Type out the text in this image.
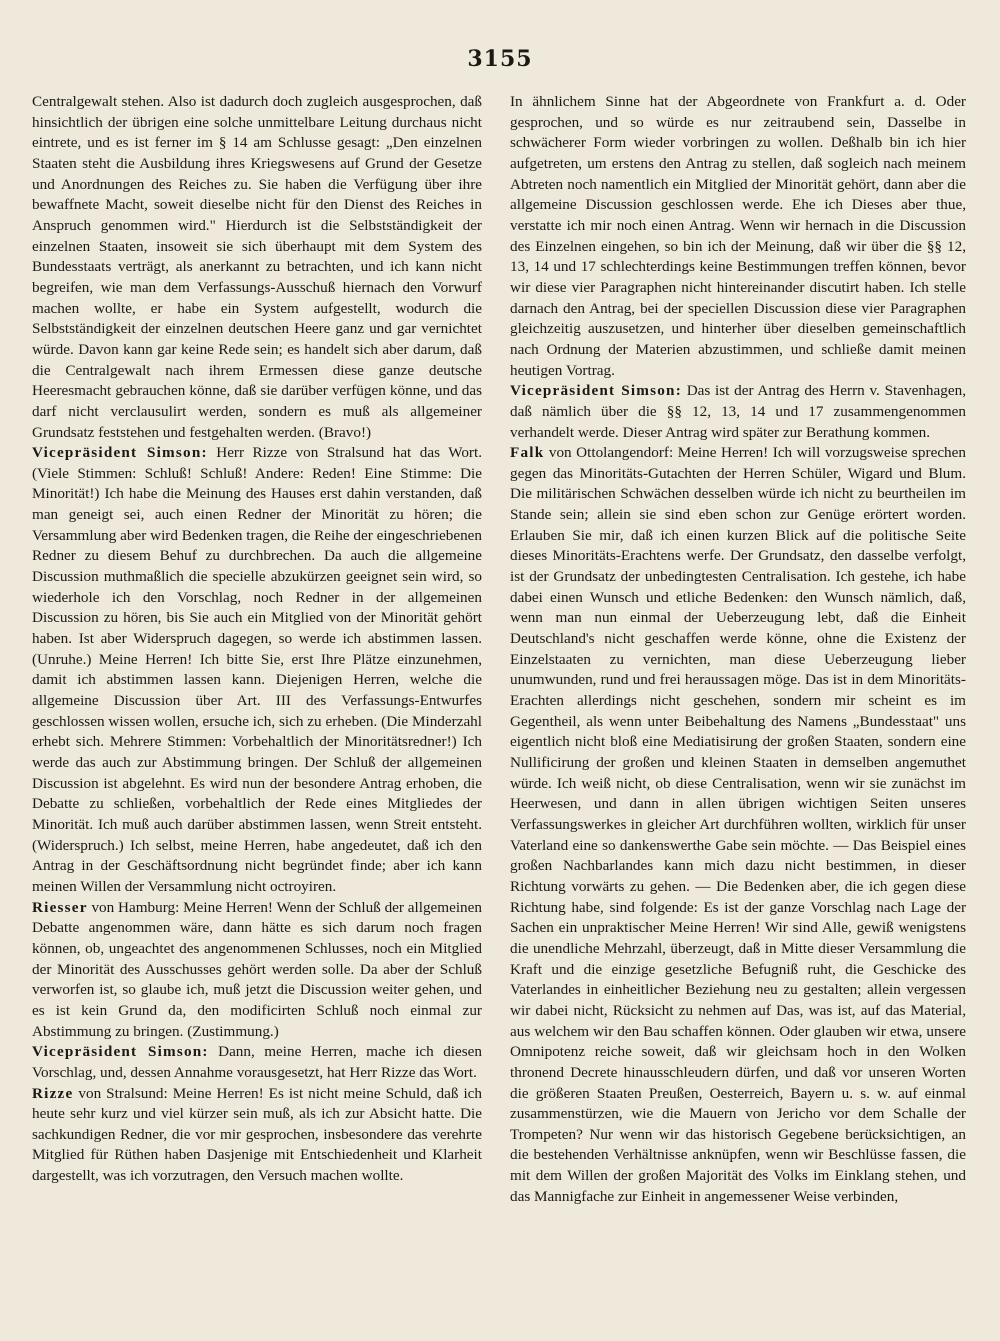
3155

Centralgewalt stehen. Also ist dadurch doch zugleich ausgesprochen, daß hinsichtlich der übrigen eine solche unmittelbare Leitung durchaus nicht eintrete, und es ist ferner im § 14 am Schlusse gesagt: „Den einzelnen Staaten steht die Ausbildung ihres Kriegswesens auf Grund der Gesetze und Anordnungen des Reiches zu. Sie haben die Verfügung über ihre bewaffnete Macht, soweit dieselbe nicht für den Dienst des Reiches in Anspruch genommen wird." Hierdurch ist die Selbstständigkeit der einzelnen Staaten, insoweit sie sich überhaupt mit dem System des Bundesstaats verträgt, als anerkannt zu betrachten, und ich kann nicht begreifen, wie man dem Verfassungs-Ausschuß hiernach den Vorwurf machen wollte, er habe ein System aufgestellt, wodurch die Selbstständigkeit der einzelnen deutschen Heere ganz und gar vernichtet würde. Davon kann gar keine Rede sein; es handelt sich aber darum, daß die Centralgewalt nach ihrem Ermessen diese ganze deutsche Heeresmacht gebrauchen könne, daß sie darüber verfügen könne, und das darf nicht verclausulirt werden, sondern es muß als allgemeiner Grundsatz feststehen und festgehalten werden. (Bravo!)

Vicepräsident Simson: Herr Rizze von Stralsund hat das Wort. (Viele Stimmen: Schluß! Schluß! Andere: Reden! Eine Stimme: Die Minorität!) Ich habe die Meinung des Hauses erst dahin verstanden, daß man geneigt sei, auch einen Redner der Minorität zu hören; die Versammlung aber wird Bedenken tragen, die Reihe der eingeschriebenen Redner zu diesem Behuf zu durchbrechen. Da auch die allgemeine Discussion muthmaßlich die specielle abzukürzen geeignet sein wird, so wiederhole ich den Vorschlag, noch Redner in der allgemeinen Discussion zu hören, bis Sie auch ein Mitglied von der Minorität gehört haben. Ist aber Widerspruch dagegen, so werde ich abstimmen lassen. (Unruhe.) Meine Herren! Ich bitte Sie, erst Ihre Plätze einzunehmen, damit ich abstimmen lassen kann. Diejenigen Herren, welche die allgemeine Discussion über Art. III des Verfassungs-Entwurfes geschlossen wissen wollen, ersuche ich, sich zu erheben. (Die Minderzahl erhebt sich. Mehrere Stimmen: Vorbehaltlich der Minoritätsredner!) Ich werde das auch zur Abstimmung bringen. Der Schluß der allgemeinen Discussion ist abgelehnt. Es wird nun der besondere Antrag erhoben, die Debatte zu schließen, vorbehaltlich der Rede eines Mitgliedes der Minorität. Ich muß auch darüber abstimmen lassen, wenn Streit entsteht. (Widerspruch.) Ich selbst, meine Herren, habe angedeutet, daß ich den Antrag in der Geschäftsordnung nicht begründet finde; aber ich kann meinen Willen der Versammlung nicht octroyiren.

Riesser von Hamburg: Meine Herren! Wenn der Schluß der allgemeinen Debatte angenommen wäre, dann hätte es sich darum noch fragen können, ob, ungeachtet des angenommenen Schlusses, noch ein Mitglied der Minorität des Ausschusses gehört werden solle. Da aber der Schluß verworfen ist, so glaube ich, muß jetzt die Discussion weiter gehen, und es ist kein Grund da, den modificirten Schluß noch einmal zur Abstimmung zu bringen. (Zustimmung.)

Vicepräsident Simson: Dann, meine Herren, mache ich diesen Vorschlag, und, dessen Annahme vorausgesetzt, hat Herr Rizze das Wort.

Rizze von Stralsund: Meine Herren! Es ist nicht meine Schuld, daß ich heute sehr kurz und viel kürzer sein muß, als ich zur Absicht hatte. Die sachkundigen Redner, die vor mir gesprochen, insbesondere das verehrte Mitglied für Rüthen haben Dasjenige mit Entschiedenheit und Klarheit dargestellt, was ich vorzutragen, den Versuch machen wollte.

In ähnlichem Sinne hat der Abgeordnete von Frankfurt a. d. Oder gesprochen, und so würde es nur zeitraubend sein, Dasselbe in schwächerer Form wieder vorbringen zu wollen. Deßhalb bin ich hier aufgetreten, um erstens den Antrag zu stellen, daß sogleich nach meinem Abtreten noch namentlich ein Mitglied der Minorität gehört, dann aber die allgemeine Discussion geschlossen werde. Ehe ich Dieses aber thue, verstatte ich mir noch einen Antrag. Wenn wir hernach in die Discussion des Einzelnen eingehen, so bin ich der Meinung, daß wir über die §§ 12, 13, 14 und 17 schlechterdings keine Bestimmungen treffen können, bevor wir diese vier Paragraphen nicht hintereinander discutirt haben. Ich stelle darnach den Antrag, bei der speciellen Discussion diese vier Paragraphen gleichzeitig auszusetzen, und hinterher über dieselben gemeinschaftlich nach Ordnung der Materien abzustimmen, und schließe damit meinen heutigen Vortrag.

Vicepräsident Simson: Das ist der Antrag des Herrn v. Stavenhagen, daß nämlich über die §§ 12, 13, 14 und 17 zusammengenommen verhandelt werde. Dieser Antrag wird später zur Berathung kommen.

Falk von Ottolangendorf: Meine Herren! Ich will vorzugsweise sprechen gegen das Minoritäts-Gutachten der Herren Schüler, Wigard und Blum. Die militärischen Schwächen desselben würde ich nicht zu beurtheilen im Stande sein; allein sie sind eben schon zur Genüge erörtert worden. Erlauben Sie mir, daß ich einen kurzen Blick auf die politische Seite dieses Minoritäts-Erachtens werfe. Der Grundsatz, den dasselbe verfolgt, ist der Grundsatz der unbedingtesten Centralisation. Ich gestehe, ich habe dabei einen Wunsch und etliche Bedenken: den Wunsch nämlich, daß, wenn man nun einmal der Ueberzeugung lebt, daß die Einheit Deutschland's nicht geschaffen werde könne, ohne die Existenz der Einzelstaaten zu vernichten, man diese Ueberzeugung lieber unumwunden, rund und frei heraussagen möge. Das ist in dem Minoritäts-Erachten allerdings nicht geschehen, sondern mir scheint es im Gegentheil, als wenn unter Beibehaltung des Namens „Bundesstaat" uns eigentlich nicht bloß eine Mediatisirung der großen Staaten, sondern eine Nullificirung der großen und kleinen Staaten in demselben angemuthet würde. Ich weiß nicht, ob diese Centralisation, wenn wir sie zunächst im Heerwesen, und dann in allen übrigen wichtigen Seiten unseres Verfassungswerkes in gleicher Art durchführen wollten, wirklich für unser Vaterland eine so dankenswerthe Gabe sein möchte. — Das Beispiel eines großen Nachbarlandes kann mich dazu nicht bestimmen, in dieser Richtung vorwärts zu gehen. — Die Bedenken aber, die ich gegen diese Richtung habe, sind folgende: Es ist der ganze Vorschlag nach Lage der Sachen ein unpraktischer Meine Herren! Wir sind Alle, gewiß wenigstens die unendliche Mehrzahl, überzeugt, daß in Mitte dieser Versammlung die Kraft und die einzige gesetzliche Befugniß ruht, die Geschicke des Vaterlandes in einheitlicher Beziehung neu zu gestalten; allein vergessen wir dabei nicht, Rücksicht zu nehmen auf Das, was ist, auf das Material, aus welchem wir den Bau schaffen können. Oder glauben wir etwa, unsere Omnipotenz reiche soweit, daß wir gleichsam hoch in den Wolken thronend Decrete hinausschleudern dürfen, und daß vor unseren Worten die größeren Staaten Preußen, Oesterreich, Bayern u. s. w. auf einmal zusammenstürzen, wie die Mauern von Jericho vor dem Schalle der Trompeten? Nur wenn wir das historisch Gegebene berücksichtigen, an die bestehenden Verhältnisse anknüpfen, wenn wir Beschlüsse fassen, die mit dem Willen der großen Majorität des Volks im Einklang stehen, und das Mannigfache zur Einheit in angemessener Weise verbinden,
